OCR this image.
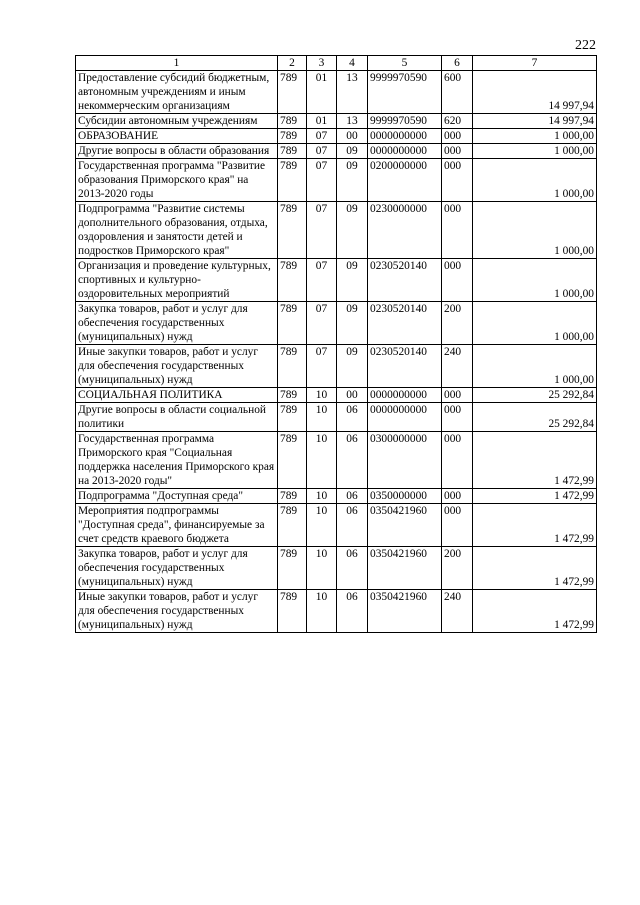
222
1	2	3	4	5	6	7
Предоставление субсидий бюджетным, автономным учреждениям и иным некоммерческим организациям	789	01	13	9999970590	600	14 997,94
Субсидии автономным учреждениям	789	01	13	9999970590	620	14 997,94
ОБРАЗОВАНИЕ	789	07	00	0000000000	000	1 000,00
Другие вопросы в области образования	789	07	09	0000000000	000	1 000,00
Государственная программа "Развитие образования Приморского края" на 2013-2020 годы	789	07	09	0200000000	000	1 000,00
Подпрограмма "Развитие системы дополнительного образования, отдыха, оздоровления и занятости детей и подростков Приморского края"	789	07	09	0230000000	000	1 000,00
Организация и проведение культурных, спортивных и культурно-оздоровительных мероприятий	789	07	09	0230520140	000	1 000,00
Закупка товаров, работ и услуг для обеспечения государственных (муниципальных) нужд	789	07	09	0230520140	200	1 000,00
Иные закупки товаров, работ и услуг для обеспечения государственных (муниципальных) нужд	789	07	09	0230520140	240	1 000,00
СОЦИАЛЬНАЯ ПОЛИТИКА	789	10	00	0000000000	000	25 292,84
Другие вопросы в области социальной политики	789	10	06	0000000000	000	25 292,84
Государственная программа Приморского края "Социальная поддержка населения Приморского края на 2013-2020 годы"	789	10	06	0300000000	000	1 472,99
Подпрограмма "Доступная среда"	789	10	06	0350000000	000	1 472,99
Мероприятия подпрограммы "Доступная среда", финансируемые за счет средств краевого бюджета	789	10	06	0350421960	000	1 472,99
Закупка товаров, работ и услуг для обеспечения государственных (муниципальных) нужд	789	10	06	0350421960	200	1 472,99
Иные закупки товаров, работ и услуг для обеспечения государственных (муниципальных) нужд	789	10	06	0350421960	240	1 472,99
